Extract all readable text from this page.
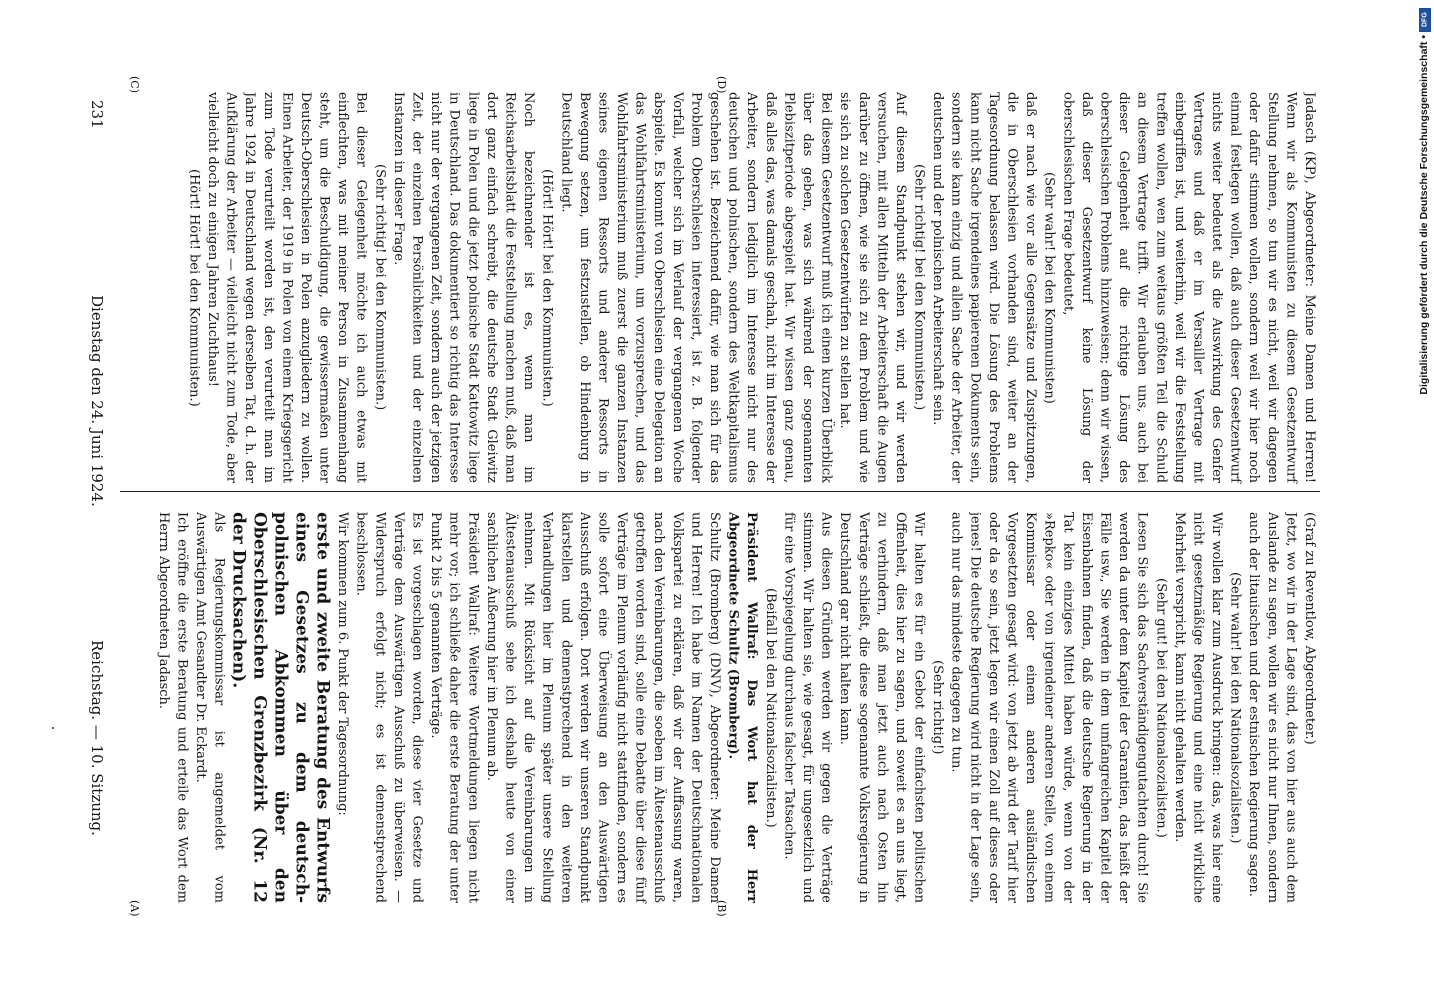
Reichstag. — 10. Sitzung.
Dienstag den 24. Juni 1924.
231
(A)	(B)
(C)	(D)

(Graf zu Reventlow, Abgeordneter.)

Jetzt, wo wir in der Lage sind, das von hier aus auch dem Auslande zu sagen, wollen wir es nicht nur Ihnen, sondern auch der litauischen und der estnischen Regierung sagen.

(Sehr wahr! bei den Nationalsozialisten.)

Wir wollen klar zum Ausdruck bringen: das, was hier eine nicht gesetzmäßige Regierung und eine nicht wirkliche Mehrheit verspricht, kann nicht gehalten werden.

(Sehr gut! bei den Nationalsozialisten.)

Lesen Sie sich das Sachverständigengutachten durch! Sie werden da unter dem Kapitel der Garantien, das heißt der Fälle usw., Sie werden in dem umfangreichen Kapitel der Eisenbahnen finden, daß die deutsche Regierung in der Tat kein einziges Mittel haben würde, wenn von der »Repko« oder von irgendeiner anderen Stelle, von einem Kommissar oder einem anderen ausländischen Vorgesetzten gesagt wird: von jetzt ab wird der Tarif hier oder da so sein, jetzt legen wir einen Zoll auf dieses oder jenes! Die deutsche Regierung wird nicht in der Lage sein, auch nur das mindeste dagegen zu tun.

(Sehr richtig!)

Wir halten es für ein Gebot der einfachsten politischen Offenheit, dies hier zu sagen, und soweit es an uns liegt, zu verhindern, daß man jetzt auch nach Osten hin Verträge schließt, die diese sogenannte Volksregierung in Deutschland gar nicht halten kann.

Aus diesen Gründen werden wir gegen die Verträge stimmen. Wir halten sie, wie gesagt, für ungesetzlich und für eine Vorspiegelung durchaus falscher Tatsachen.

(Beifall bei den Nationalsozialisten.)

Präsident Wallraf: Das Wort hat der Herr Abgeordnete Schultz (Bromberg).

Schultz (Bromberg) (DNV), Abgeordneter: Meine Damen und Herren! Ich habe im Namen der Deutschnationalen Volkspartei zu erklären, daß wir der Auffassung waren, nach den Vereinbarungen, die soeben im Ältestenausschuß getroffen worden sind, solle eine Debatte über diese fünf Verträge im Plenum vorläufig nicht stattfinden, sondern es solle sofort eine Überweisung an den Auswärtigen Ausschuß erfolgen. Dort werden wir unseren Standpunkt klarstellen und demenstprechend in den weiteren Verhandlungen hier im Plenum später unsere Stellung nehmen. Mit Rücksicht auf die Vereinbarungen im Ältestenausschuß sehe ich deshalb heute von einer sachlichen Äußerung hier im Plenum ab.

Präsident Wallraf: Weitere Wortmeldungen liegen nicht mehr vor; ich schließe daher die erste Beratung der unter Punkt 2 bis 5 genannten Verträge.

Es ist vorgeschlagen worden, diese vier Gesetze und Verträge dem Auswärtigen Ausschuß zu überweisen. — Widerspruch erfolgt nicht; es ist demenstprechend beschlossen.

Wir kommen zum 6. Punkt der Tagesordnung:

erste und zweite Beratung des Entwurfs eines Gesetzes zu dem deutsch-polnischen Abkommen über den Oberschlesischen Grenzbezirk (Nr. 12 der Drucksachen).

Als Regierungskommissar ist angemeldet vom Auswärtigen Amt Gesandter Dr. Eckardt.

Ich eröffne die erste Beratung und erteile das Wort dem Herrn Abgeordneten Jadasch.

Jadasch (KP), Abgeordneter: Meine Damen und Herren! Wenn wir als Kommunisten zu diesem Gesetzentwurf Stellung nehmen, so tun wir es nicht, weil wir dagegen oder dafür stimmen wollen, sondern weil wir hier noch einmal festlegen wollen, daß auch dieser Gesetzentwurf nichts weiter bedeutet als die Auswirkung des Genfer Vertrages und daß er im Versailler Vertrage mit einbegriffen ist, und weiterhin, weil wir die Feststellung treffen wollen, wen zum weitaus größten Teil die Schuld an diesem Vertrage trifft. Wir erlauben uns, auch bei dieser Gelegenheit auf die richtige Lösung des oberschlesischen Problems hinzuweisen; denn wir wissen, daß dieser Gesetzentwurf keine Lösung der oberschlesischen Frage bedeutet,

(Sehr wahr! bei den Kommunisten)

daß er nach wie vor alle Gegensätze und Zuspitzungen, die in Oberschlesien vorhanden sind, weiter an der Tagesordnung belassen wird. Die Lösung des Problems kann nicht Sache irgendeines papierenen Dokuments sein, sondern sie kann einzig und allein Sache der Arbeiter, der deutschen und der polnischen Arbeiterschaft sein.

(Sehr richtig! bei den Kommunisten.)

Auf diesem Standpunkt stehen wir, und wir werden versuchen, mit allen Mitteln der Arbeiterschaft die Augen darüber zu öffnen, wie sie sich zu dem Problem und wie sie sich zu solchen Gesetzentwürfen zu stellen hat.

Bei diesem Gesetzentwurf muß ich einen kurzen Überblick über das geben, was sich während der sogenannten Plebiszitperiode abgespielt hat. Wir wissen ganz genau, daß alles das, was damals geschah, nicht im Interesse der Arbeiter, sondern lediglich im Interesse nicht nur des deutschen und polnischen, sondern des Weltkapitalismus geschehen ist. Bezeichnend dafür, wie man sich für das Problem Oberschlesien interessiert, ist z. B. folgender Vorfall, welcher sich im Verlauf der vergangenen Woche abspielte. Es kommt von Oberschlesien eine Delegation an das Wohlfahrtsministerium, um vorzusprechen, und das Wohlfahrtsministerium muß zuerst die ganzen Instanzen seines eigenen Ressorts und anderer Ressorts in Bewegung setzen, um festzustellen, ob Hindenburg in Deutschland liegt.

(Hört! Hört! bei den Kommunisten.)

Noch bezeichnender ist es, wenn man im Reichsarbeitsblatt die Feststellung machen muß, daß man dort ganz einfach schreibt, die deutsche Stadt Gleiwitz liege in Polen und die jetzt polnische Stadt Kattowitz liege in Deutschland. Das dokumentiert so richtig das Interesse nicht nur der vergangenen Zeit, sondern auch der jetzigen Zeit, der einzelnen Persönlichkeiten und der einzelnen Instanzen in dieser Frage.

(Sehr richtig! bei den Kommunisten.)

Bei dieser Gelegenheit möchte ich auch etwas mit einflechten, was mit meiner Person in Zusammenhang steht, um die Beschuldigung, die gewissermaßen unter Deutsch-Oberschlesien in Polen anzugliedern zu wollen. Einen Arbeiter, der 1919 in Polen von einem Kriegsgericht zum Tode verurteilt worden ist, den verurteilt man im Jahre 1924 in Deutschland wegen derselben Tat, d. h. der Aufklärung der Arbeiter — vielleicht nicht zum Tode, aber vielleicht doch zu einigen Jahren Zuchthaus!

(Hört! Hört! bei den Kommunisten.)	Digitalisierung gefördert durch die Deutsche Forschungsgemeinschaft •
DFG
